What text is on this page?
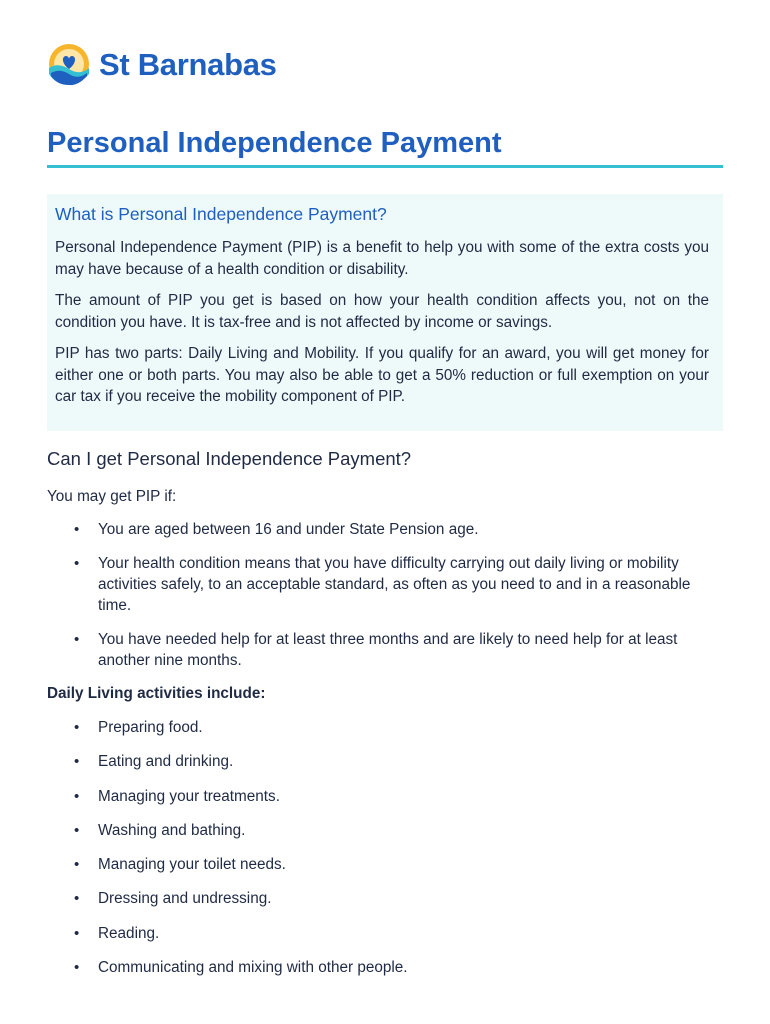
St Barnabas
Personal Independence Payment
What is Personal Independence Payment?

Personal Independence Payment (PIP) is a benefit to help you with some of the extra costs you may have because of a health condition or disability.

The amount of PIP you get is based on how your health condition affects you, not on the condition you have. It is tax-free and is not affected by income or savings.

PIP has two parts: Daily Living and Mobility. If you qualify for an award, you will get money for either one or both parts. You may also be able to get a 50% reduction or full exemption on your car tax if you receive the mobility component of PIP.

Can I get Personal Independence Payment?

You may get PIP if:

• You are aged between 16 and under State Pension age.
• Your health condition means that you have difficulty carrying out daily living or mobility activities safely, to an acceptable standard, as often as you need to and in a reasonable time.
• You have needed help for at least three months and are likely to need help for at least another nine months.
Daily Living activities include:
• Preparing food.
• Eating and drinking.
• Managing your treatments.
• Washing and bathing.
• Managing your toilet needs.
• Dressing and undressing.
• Reading.
• Communicating and mixing with other people.
